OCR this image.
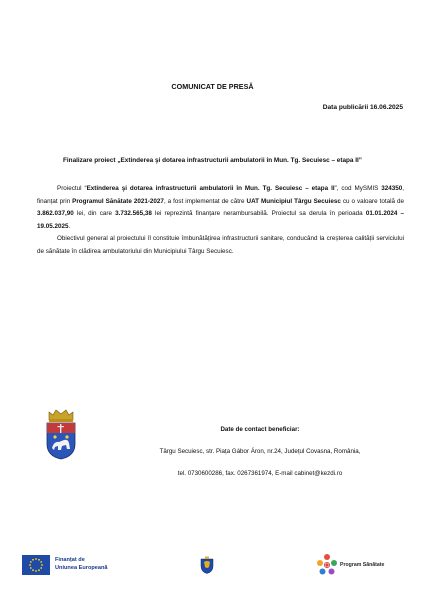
COMUNICAT DE PRESĂ
Data publicării 16.06.2025
Finalizare proiect „Extinderea şi dotarea infrastructurii ambulatorii în Mun. Tg. Secuiesc – etapa II”

Proiectul “Extinderea şi dotarea infrastructurii ambulatorii în Mun. Tg. Secuiesc – etapa II”, cod MySMIS 324350, finanțat prin Programul Sănătate 2021-2027, a fost implementat de către UAT Municipiul Târgu Secuiesc cu o valoare totală de 3.862.037,90 lei, din care 3.732.565,38 lei reprezintă finanțare nerambursabilă. Proiectul sa derula în perioada 01.01.2024 – 19.05.2025.

Obiectivul general al proiectului îl constituie îmbunătățirea infrastructurii sanitare, conducând la creșterea calității serviciului de sănătate în clădirea ambulatoriului din Municipiului Târgu Secuiesc.

Date de contact beneficiar:
Târgu Secuiesc, str. Piața Gábor Áron, nr.24, Județul Covasna, România,
tel. 0730600286, fax. 0267361974, E-mail cabinet@kezdi.ro
Finanțat de
Uniunea Europeană	Program Sănătate
